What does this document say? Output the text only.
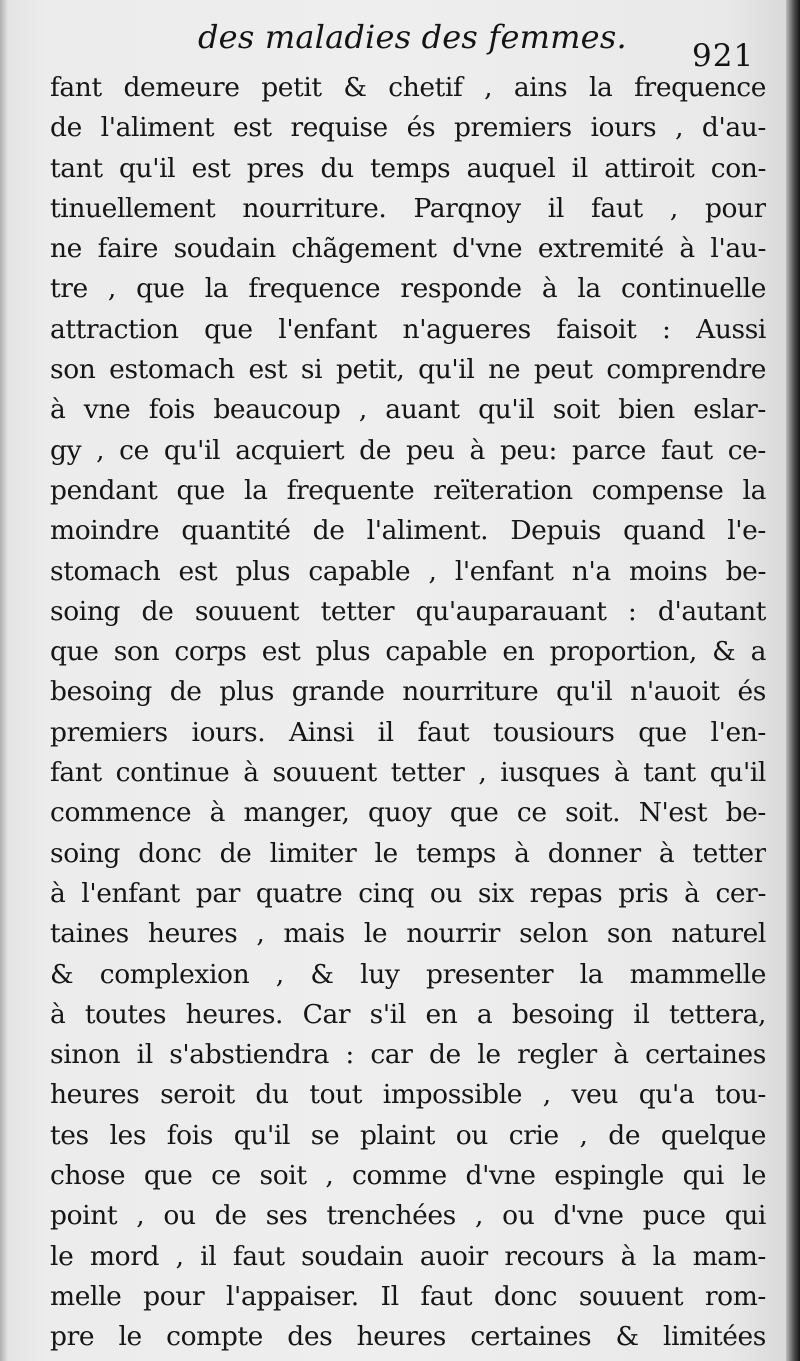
des maladies des femmes. 921
fant demeure petit & chetif , ains la frequence
de l'aliment est requise és premiers iours , d'au-
tant qu'il est pres du temps auquel il attiroit con-
tinuellement nourriture. Parqnoy il faut , pour
ne faire soudain chãgement d'vne extremité à l'au-
tre , que la frequence responde à la continuelle
attraction que l'enfant n'agueres faisoit : Aussi
son estomach est si petit, qu'il ne peut comprendre
à vne fois beaucoup , auant qu'il soit bien eslar-
gy , ce qu'il acquiert de peu à peu: parce faut ce-
pendant que la frequente reïteration compense la
moindre quantité de l'aliment. Depuis quand l'e-
stomach est plus capable , l'enfant n'a moins be-
soing de souuent tetter qu'auparauant : d'autant
que son corps est plus capable en proportion, & a
besoing de plus grande nourriture qu'il n'auoit és
premiers iours. Ainsi il faut tousiours que l'en-
fant continue à souuent tetter , iusques à tant qu'il
commence à manger, quoy que ce soit. N'est be-
soing donc de limiter le temps à donner à tetter
à l'enfant par quatre cinq ou six repas pris à cer-
taines heures , mais le nourrir selon son naturel
& complexion , & luy presenter la mammelle
à toutes heures. Car s'il en a besoing il tettera,
sinon il s'abstiendra : car de le regler à certaines
heures seroit du tout impossible , veu qu'a tou-
tes les fois qu'il se plaint ou crie , de quelque
chose que ce soit , comme d'vne espingle qui le
point , ou de ses trenchées , ou d'vne puce qui
le mord , il faut soudain auoir recours à la mam-
melle pour l'appaiser. Il faut donc souuent rom-
pre le compte des heures certaines & limitées
